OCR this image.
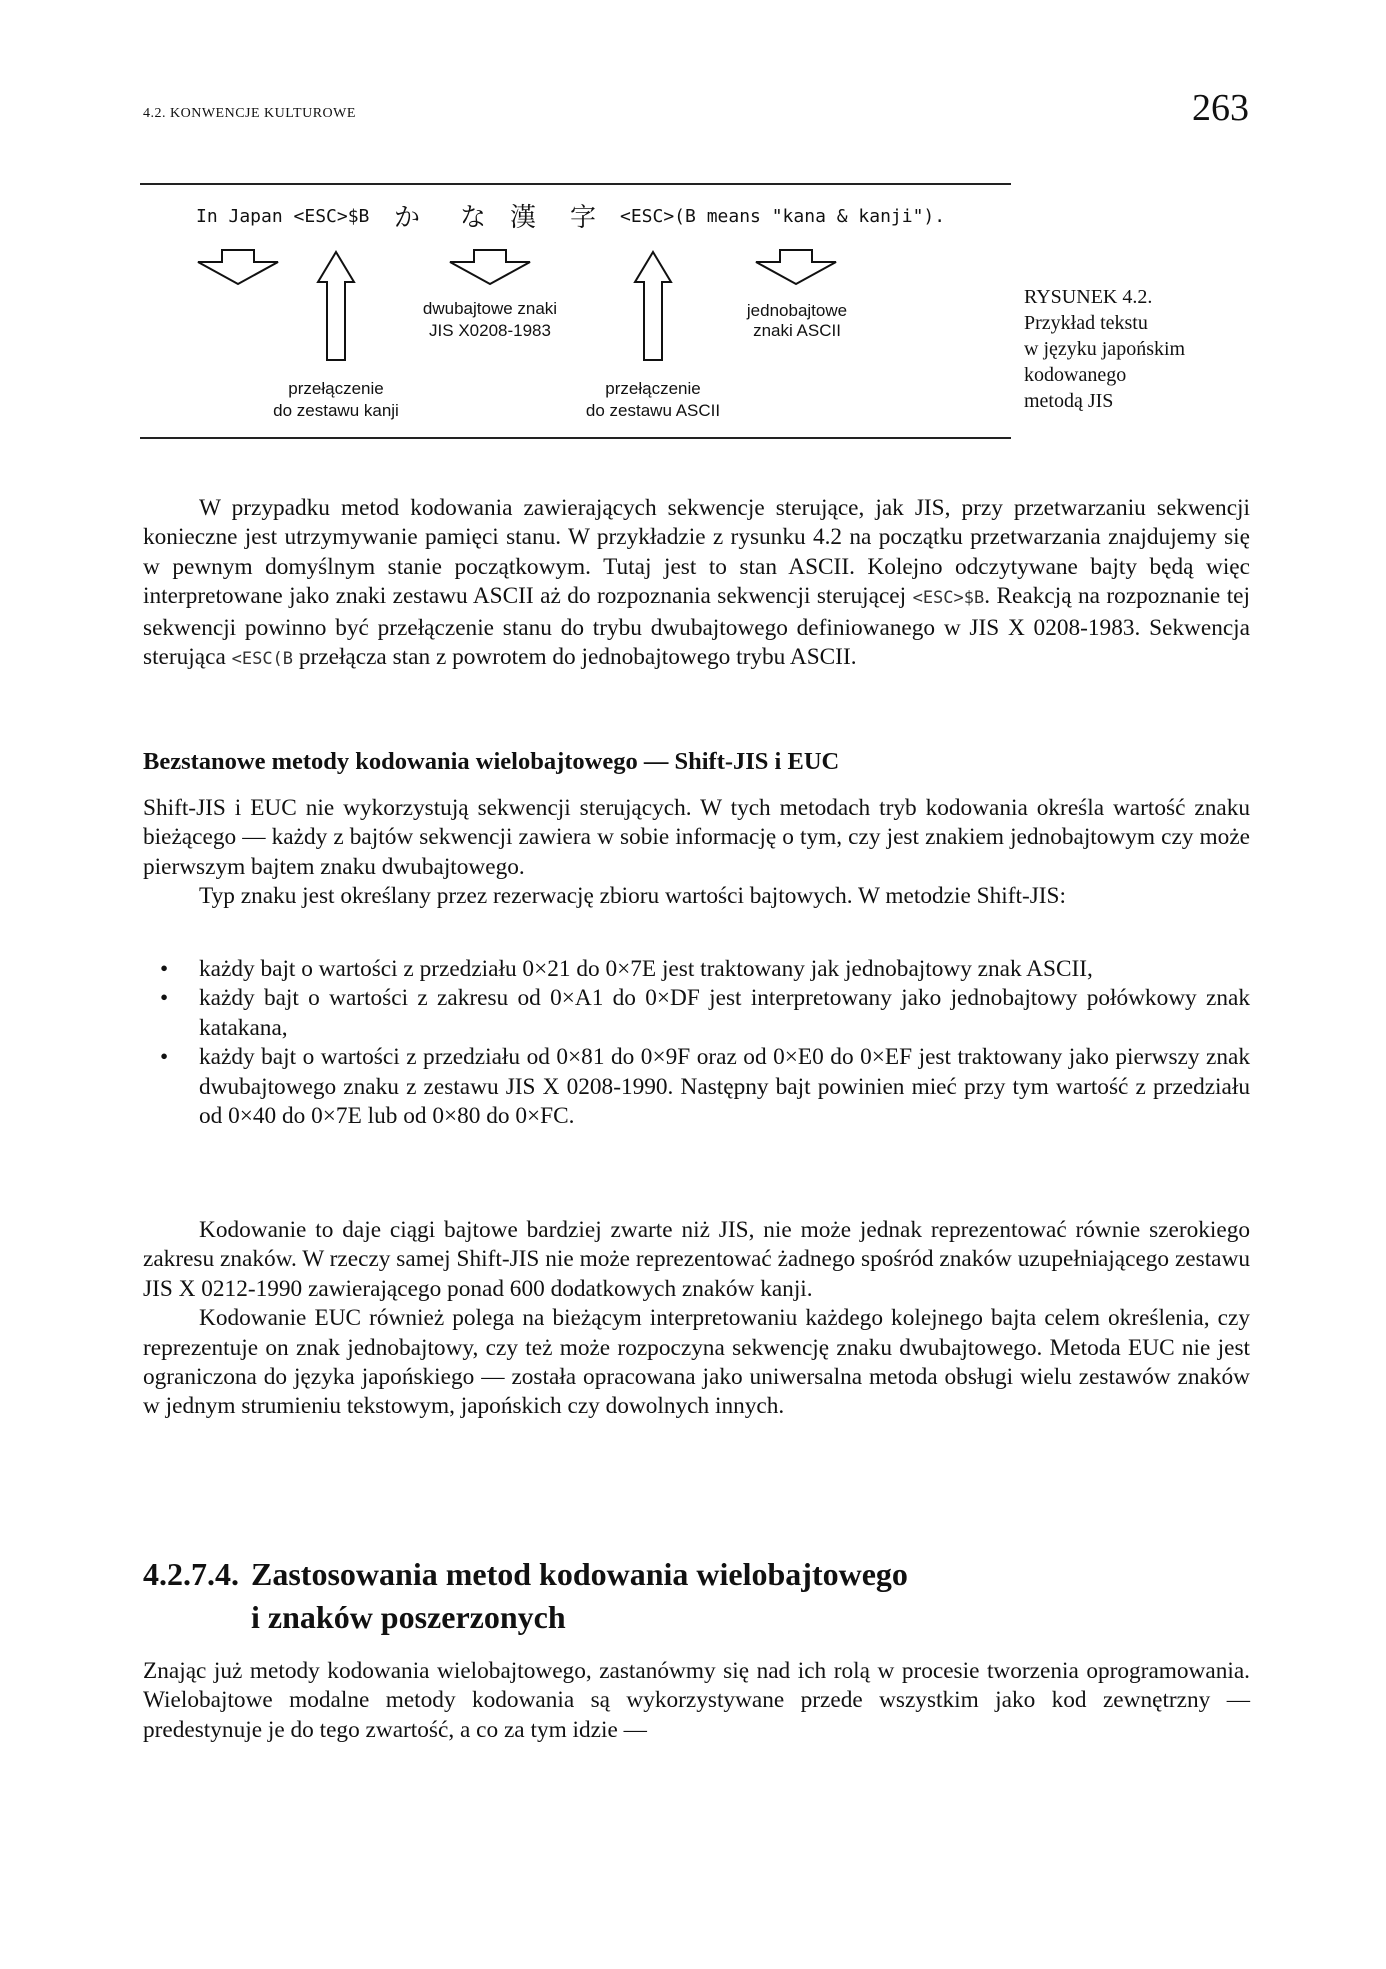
4.2. KONWENCJE KULTUROWE	263
In Japan <ESC>$B か な 漢 字 <ESC>(B means "kana & kanji").
dwubajtowe znaki
JIS X0208-1983
jednobajtowe
znaki ASCII
przełączenie
do zestawu kanji
przełączenie
do zestawu ASCII
RYSUNEK 4.2.
Przykład tekstu
w języku japońskim
kodowanego
metodą JIS

W przypadku metod kodowania zawierających sekwencje sterujące, jak JIS, przy przetwarzaniu sekwencji konieczne jest utrzymywanie pamięci stanu. W przykładzie z rysunku 4.2 na początku przetwarzania znajdujemy się w pewnym domyślnym stanie początkowym. Tutaj jest to stan ASCII. Kolejno odczytywane bajty będą więc interpretowane jako znaki zestawu ASCII aż do rozpoznania sekwencji sterującej <ESC>$B. Reakcją na rozpoznanie tej sekwencji powinno być przełączenie stanu do trybu dwubajtowego definiowanego w JIS X 0208-1983. Sekwencja sterująca <ESC(B przełącza stan z powrotem do jednobajtowego trybu ASCII.

Bezstanowe metody kodowania wielobajtowego — Shift-JIS i EUC

Shift-JIS i EUC nie wykorzystują sekwencji sterujących. W tych metodach tryb kodowania określa wartość znaku bieżącego — każdy z bajtów sekwencji zawiera w sobie informację o tym, czy jest znakiem jednobajtowym czy może pierwszym bajtem znaku dwubajtowego.

Typ znaku jest określany przez rezerwację zbioru wartości bajtowych. W metodzie Shift-JIS:

• każdy bajt o wartości z przedziału 0×21 do 0×7E jest traktowany jak jednobajtowy znak ASCII,
• każdy bajt o wartości z zakresu od 0×A1 do 0×DF jest interpretowany jako jednobajtowy połówkowy znak katakana,
• każdy bajt o wartości z przedziału od 0×81 do 0×9F oraz od 0×E0 do 0×EF jest traktowany jako pierwszy znak dwubajtowego znaku z zestawu JIS X 0208-1990. Następny bajt powinien mieć przy tym wartość z przedziału od 0×40 do 0×7E lub od 0×80 do 0×FC.

Kodowanie to daje ciągi bajtowe bardziej zwarte niż JIS, nie może jednak reprezentować równie szerokiego zakresu znaków. W rzeczy samej Shift-JIS nie może reprezentować żadnego spośród znaków uzupełniającego zestawu JIS X 0212-1990 zawierającego ponad 600 dodatkowych znaków kanji.

Kodowanie EUC również polega na bieżącym interpretowaniu każdego kolejnego bajta celem określenia, czy reprezentuje on znak jednobajtowy, czy też może rozpoczyna sekwencję znaku dwubajtowego. Metoda EUC nie jest ograniczona do języka japońskiego — została opracowana jako uniwersalna metoda obsługi wielu zestawów znaków w jednym strumieniu tekstowym, japońskich czy dowolnych innych.

4.2.7.4. Zastosowania metod kodowania wielobajtowego
i znaków poszerzonych

Znając już metody kodowania wielobajtowego, zastanówmy się nad ich rolą w procesie tworzenia oprogramowania. Wielobajtowe modalne metody kodowania są wykorzystywane przede wszystkim jako kod zewnętrzny — predestynuje je do tego zwartość, a co za tym idzie —
